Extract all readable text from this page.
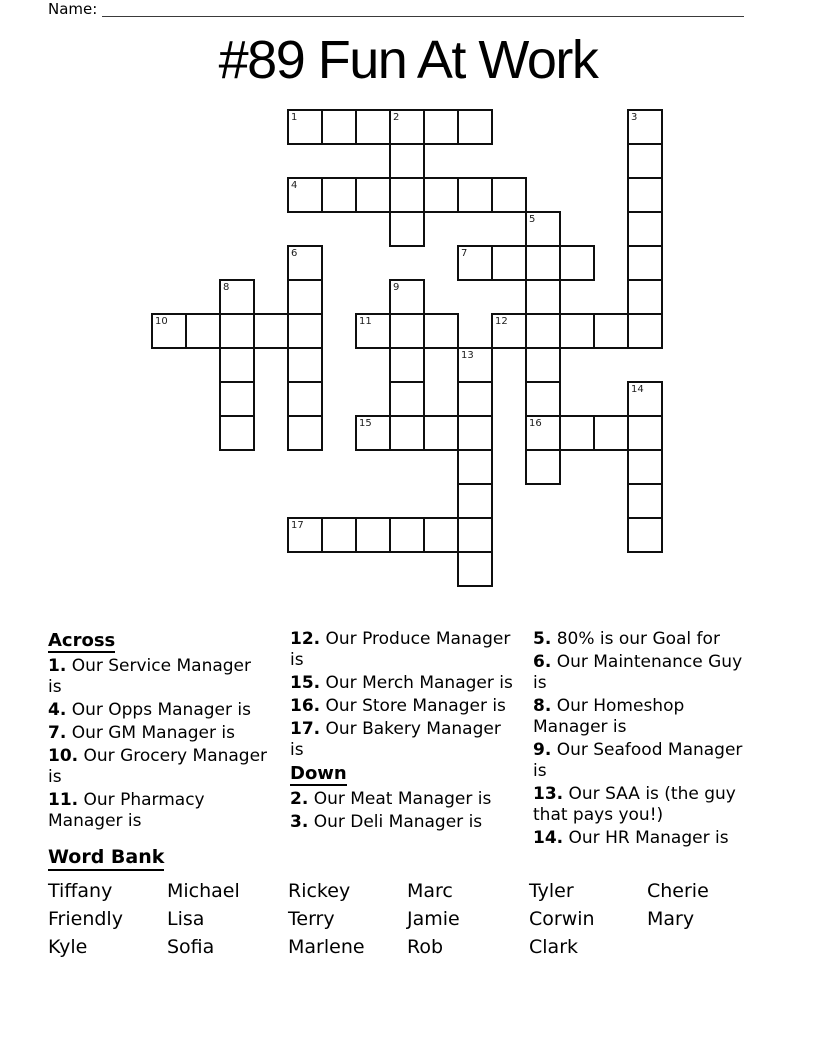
Name:
#89 Fun At Work
1	2	3
4
5
6	7
8	9
10	11	12
13
14
15	16
17
Across
1. Our Service Manager is
4. Our Opps Manager is
7. Our GM Manager is
10. Our Grocery Manager is
11. Our Pharmacy Manager is
12. Our Produce Manager is
15. Our Merch Manager is
16. Our Store Manager is
17. Our Bakery Manager is
Down
2. Our Meat Manager is
3. Our Deli Manager is
5. 80% is our Goal for
6. Our Maintenance Guy is
8. Our Homeshop Manager is
9. Our Seafood Manager is
13. Our SAA is (the guy that pays you!)
14. Our HR Manager is
Word Bank
Tiffany	Michael	Rickey	Marc	Tyler	Cherie
Friendly	Lisa	Terry	Jamie	Corwin	Mary
Kyle	Sofia	Marlene	Rob	Clark
